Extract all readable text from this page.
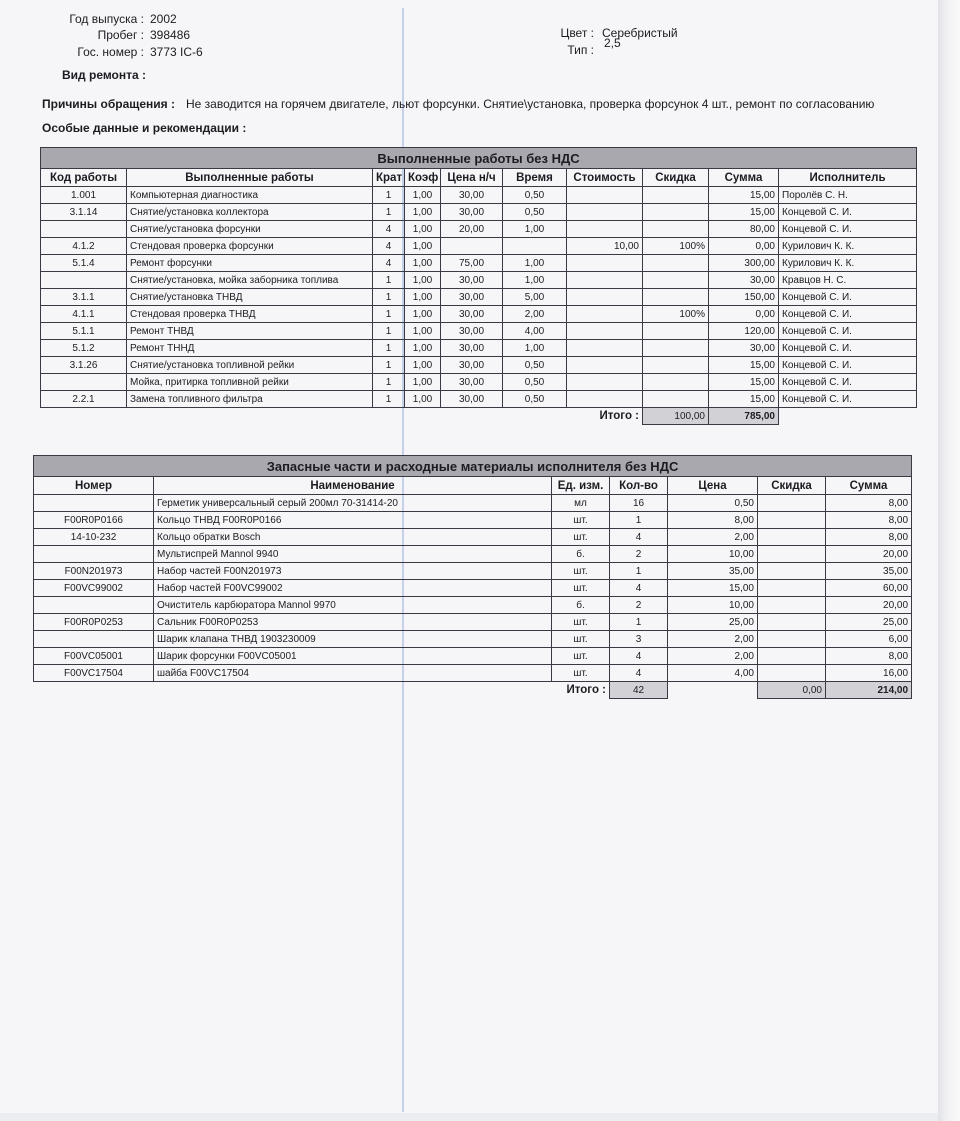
Год выпуска : 2002
Пробег : 398486
Гос. номер : 3773 IC-6
Цвет : Серебристый
Тип : 2,5
Вид ремонта :
Причины обращения : Не заводится на горячем двигателе, льют форсунки. Снятие\установка, проверка форсунок 4 шт., ремонт по согласованию
Особые данные и рекомендации :
Выполненные работы без НДС									
Код работы	Выполненные работы	Крат	Коэф	Цена н/ч	Время	Стоимость	Скидка	Сумма	Исполнитель
1.001	Компьютерная диагностика	1	1,00	30,00	0,50			15,00	Поролёв С. Н.
3.1.14	Снятие/установка коллектора	1	1,00	30,00	0,50			15,00	Концевой С. И.
	Снятие/установка форсунки	4	1,00	20,00	1,00			80,00	Концевой С. И.
4.1.2	Стендовая проверка форсунки	4	1,00			10,00	100%	0,00	Курилович К. К.
5.1.4	Ремонт форсунки	4	1,00	75,00	1,00			300,00	Курилович К. К.
	Снятие/установка, мойка заборника топлива	1	1,00	30,00	1,00			30,00	Кравцов Н. С.
3.1.1	Снятие/установка ТНВД	1	1,00	30,00	5,00			150,00	Концевой С. И.
4.1.1	Стендовая проверка ТНВД	1	1,00	30,00	2,00		100%	0,00	Концевой С. И.
5.1.1	Ремонт ТНВД	1	1,00	30,00	4,00			120,00	Концевой С. И.
5.1.2	Ремонт ТННД	1	1,00	30,00	1,00			30,00	Концевой С. И.
3.1.26	Снятие/установка топливной рейки	1	1,00	30,00	0,50			15,00	Концевой С. И.
	Мойка, притирка топливной рейки	1	1,00	30,00	0,50			15,00	Концевой С. И.
2.2.1	Замена топливного фильтра	1	1,00	30,00	0,50			15,00	Концевой С. И.
Итого :							100,00	785,00	
Запасные части и расходные материалы исполнителя без НДС						
Номер	Наименование	Ед. изм.	Кол-во	Цена	Скидка	Сумма
	Герметик универсальный серый 200мл 70-31414-20	мл	16	0,50		8,00
F00R0P0166	Кольцо ТНВД F00R0P0166	шт.	1	8,00		8,00
14-10-232	Кольцо обратки Bosch	шт.	4	2,00		8,00
	Мультиспрей Mannol 9940	б.	2	10,00		20,00
F00N201973	Набор частей F00N201973	шт.	1	35,00		35,00
F00VC99002	Набор частей F00VC99002	шт.	4	15,00		60,00
	Очиститель карбюратора Mannol 9970	б.	2	10,00		20,00
F00R0P0253	Сальник F00R0P0253	шт.	1	25,00		25,00
	Шарик клапана ТНВД 1903230009	шт.	3	2,00		6,00
F00VC05001	Шарик форсунки F00VC05001	шт.	4	2,00		8,00
F00VC17504	шайба F00VC17504	шт.	4	4,00		16,00
Итого :			42		0,00	214,00
